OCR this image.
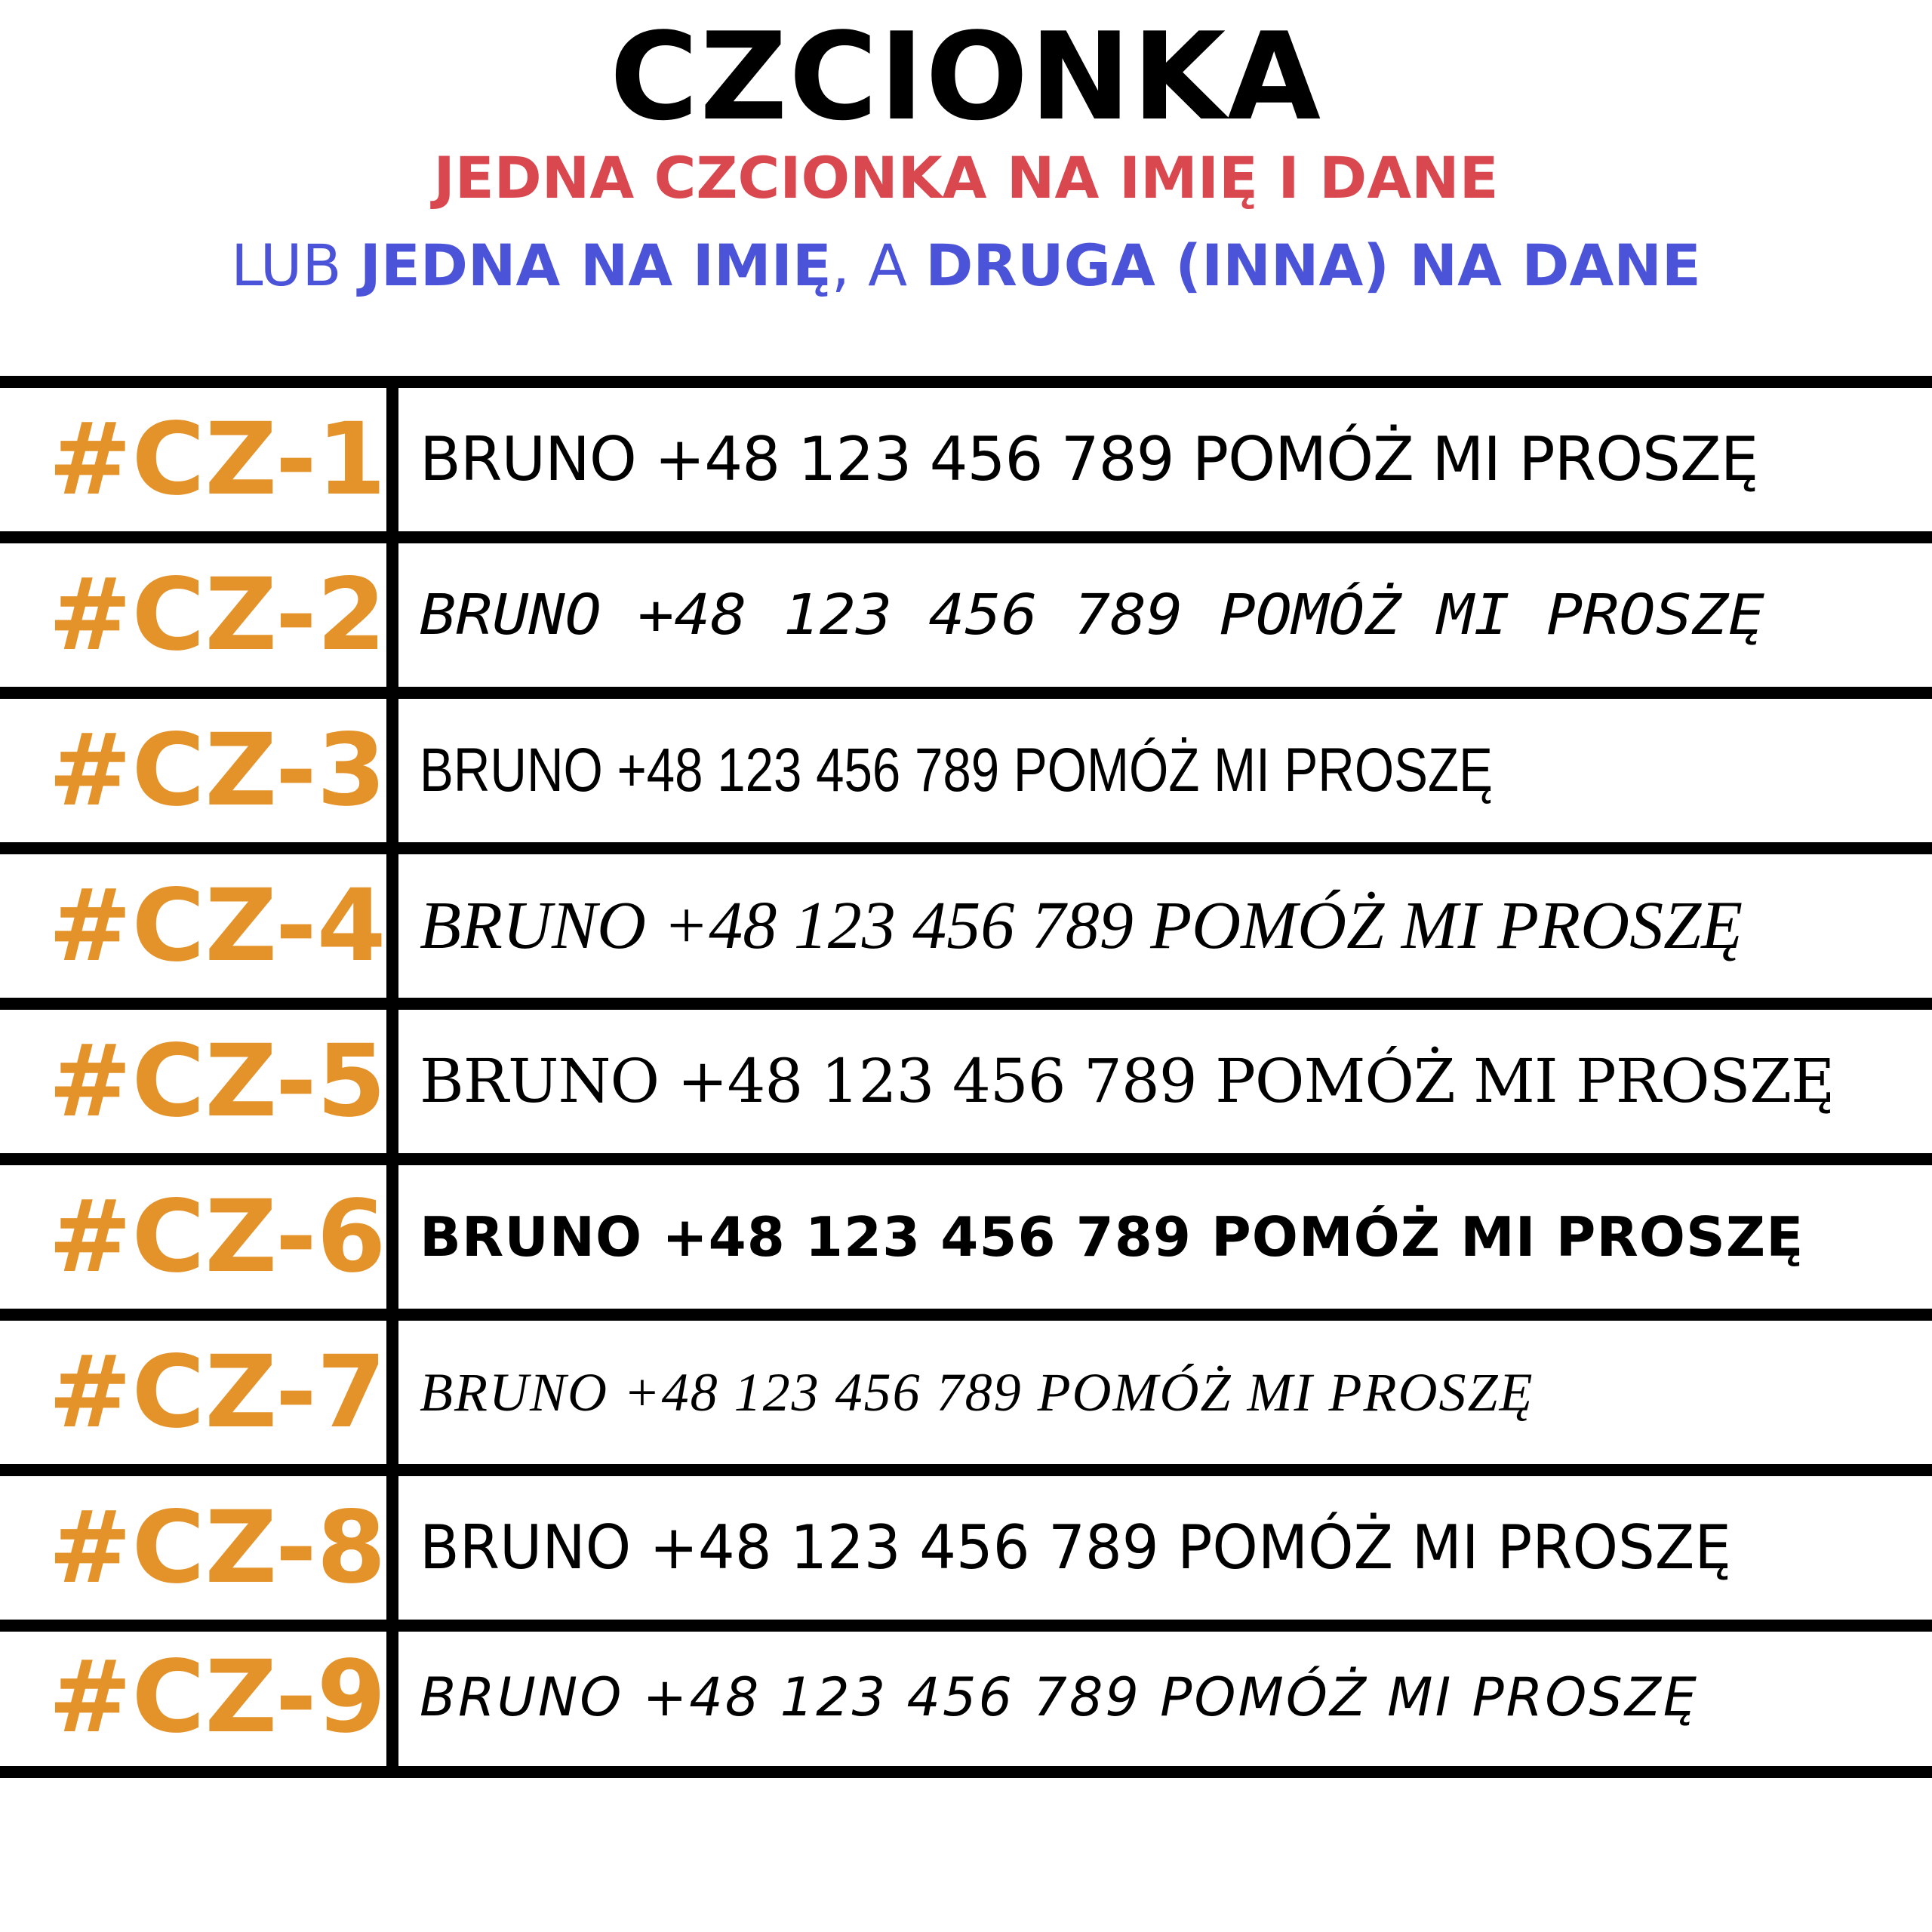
CZCIONKA
JEDNA CZCIONKA NA IMIĘ I DANE
LUB JEDNA NA IMIĘ, A DRUGA (INNA) NA DANE
#CZ-1 BRUNO +48 123 456 789 POMÓŻ MI PROSZĘ
#CZ-2 BRUNO +48 123 456 789 POMÓŻ MI PROSZĘ
#CZ-3 BRUNO +48 123 456 789 POMÓŻ MI PROSZĘ
#CZ-4 BRUNO +48 123 456 789 POMÓŻ MI PROSZĘ
#CZ-5 BRUNO +48 123 456 789 POMÓŻ MI PROSZĘ
#CZ-6 BRUNO +48 123 456 789 POMÓŻ MI PROSZĘ
#CZ-7 BRUNO +48 123 456 789 POMÓŻ MI PROSZĘ
#CZ-8 BRUNO +48 123 456 789 POMÓŻ MI PROSZĘ
#CZ-9 BRUNO +48 123 456 789 POMÓŻ MI PROSZĘ
